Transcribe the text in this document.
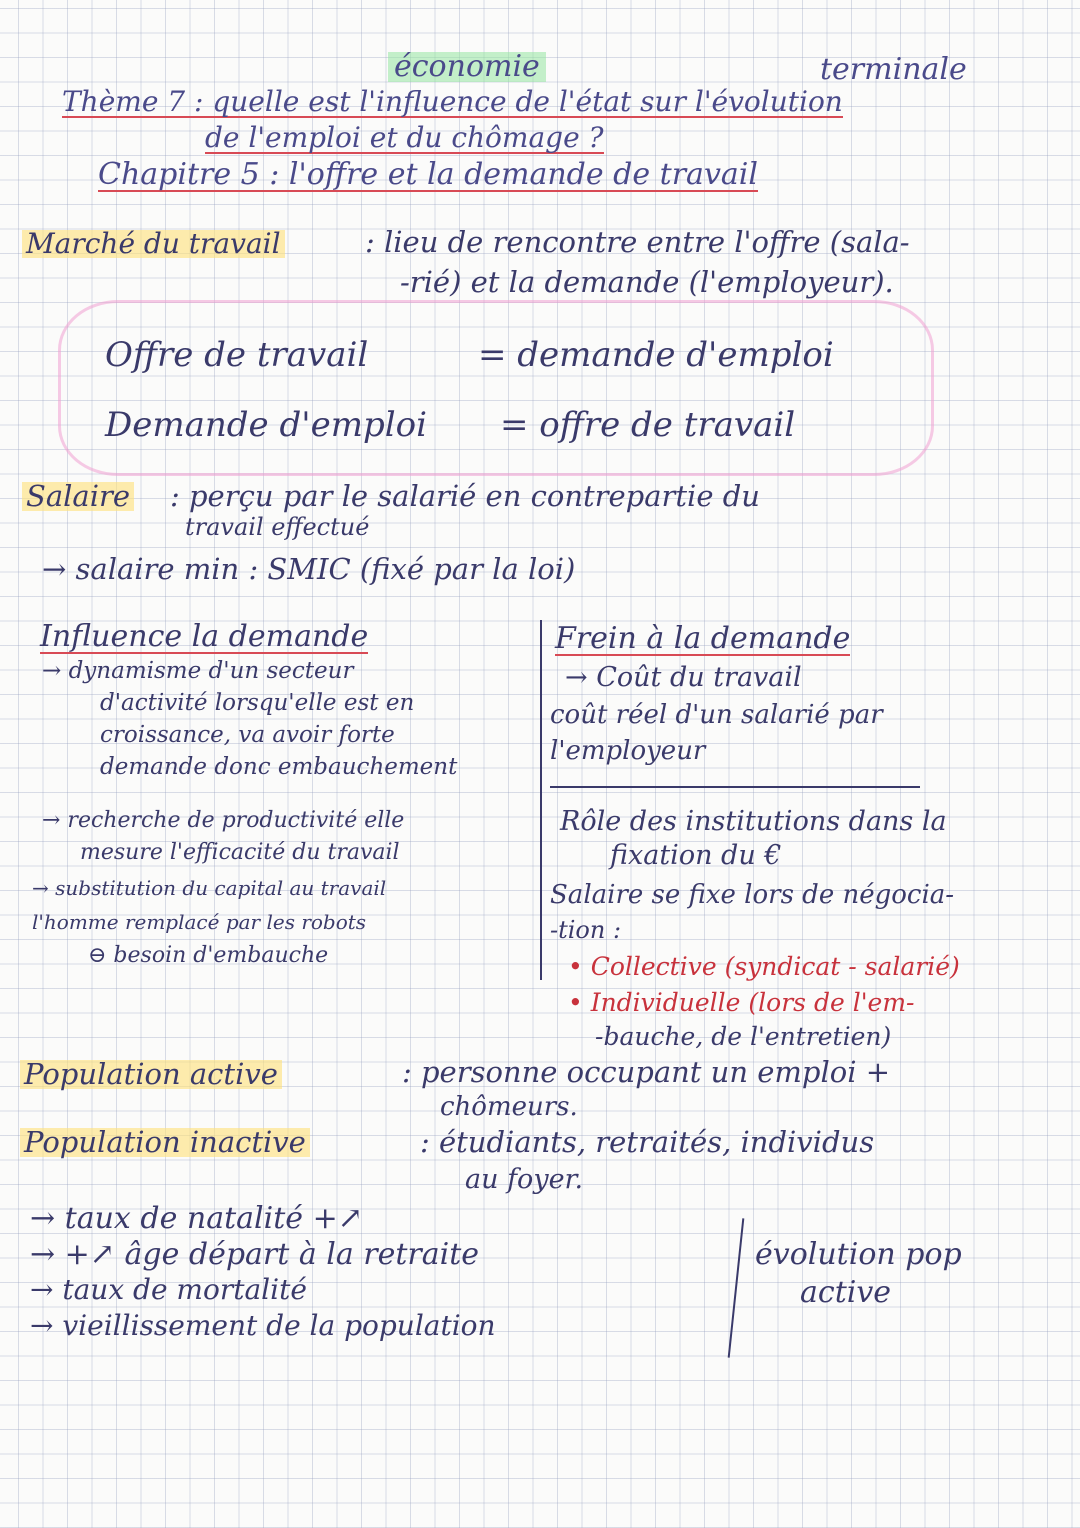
économie	terminale
Thème 7 : quelle est l'influence de l'état sur l'évolution
de l'emploi et du chômage ?
Chapitre 5 : l'offre et la demande de travail
Marché du travail	: lieu de rencontre entre l'offre (sala-
-rié) et la demande (l'employeur).
Offre de travail	= demande d'emploi
Demande d'emploi = offre de travail
Salaire : perçu par le salarié en contrepartie du
travail effectué
→ salaire min : SMIC (fixé par la loi)
Influence la demande
→ dynamisme d'un secteur
d'activité lorsqu'elle est en
croissance, va avoir forte
demande donc embauchement
→ recherche de productivité elle
mesure l'efficacité du travail
→ substitution du capital au travail
l'homme remplacé par les robots
⊖ besoin d'embauche
Frein à la demande
→ Coût du travail
coût réel d'un salarié par
l'employeur
Rôle des institutions dans la
fixation du €
Salaire se fixe lors de négocia-
-tion :
• Collective (syndicat - salarié)
• Individuelle (lors de l'em-
-bauche, de l'entretien)
Population active	: personne occupant un emploi +
chômeurs.
Population inactive	: étudiants, retraités, individus
au foyer.
→ taux de natalité +↗
→ +↗ âge départ à la retraite
→ taux de mortalité
→ vieillissement de la population
évolution pop
active
